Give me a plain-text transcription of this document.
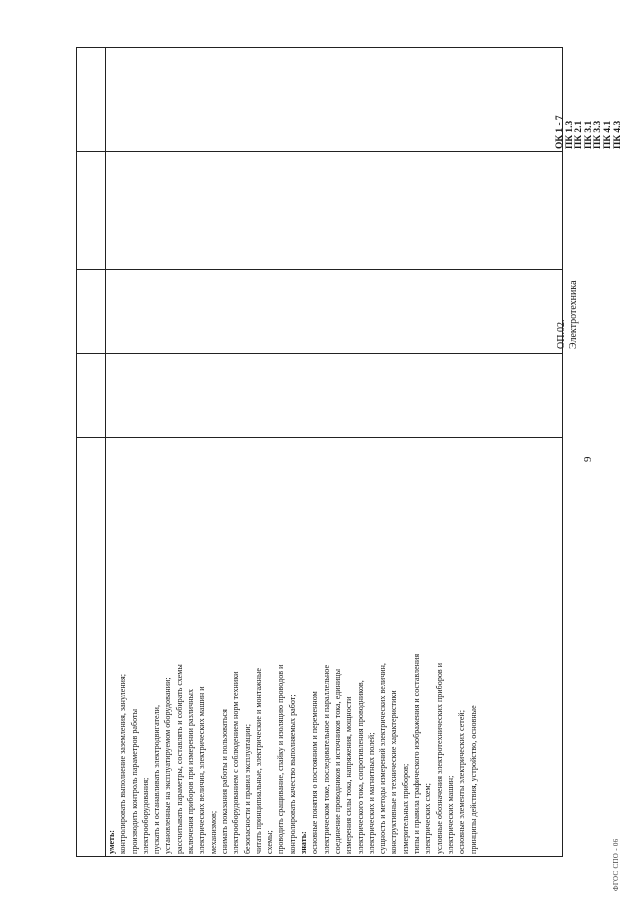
9
ФГОС СПО - 06
уметь: контролировать выполнение заземления, зануления; производить контроль параметров работы электрооборудования; пускать и останавливать электродвигатели, установленные на эксплуатируемом оборудовании; рассчитывать параметры, составлять и собирать схемы включения приборов при измерении различных электрических величин, электрических машин и механизмов; снимать показания работы и пользоваться электрооборудованием с соблюдением норм техники безопасности и правил эксплуатации; читать принципиальные, электрические и монтажные схемы; проводить сращивание, спайку и изоляцию проводов и контролировать качество выполняемых работ; знать: основные понятия о постоянном и переменном электрическом токе, последовательное и параллельное соединение проводников и источников тока, единицы измерения силы тока, напряжения, мощности электрического тока, сопротивления проводников, электрических и магнитных полей; сущность и методы измерений электрических величин, конструктивные и технические характеристики измерительных приборов; типы и правила графического изображения и составления электрических схем; условные обозначения электротехнических приборов и электрических машин; основные элементы электрических сетей; принципы действия, устройство, основные
ОП.02. Электротехника
ОК 1 - 7 ПК 1.3 ПК 2.1 ПК 3.1 ПК 3.3 ПК 4.1 ПК 4.3
